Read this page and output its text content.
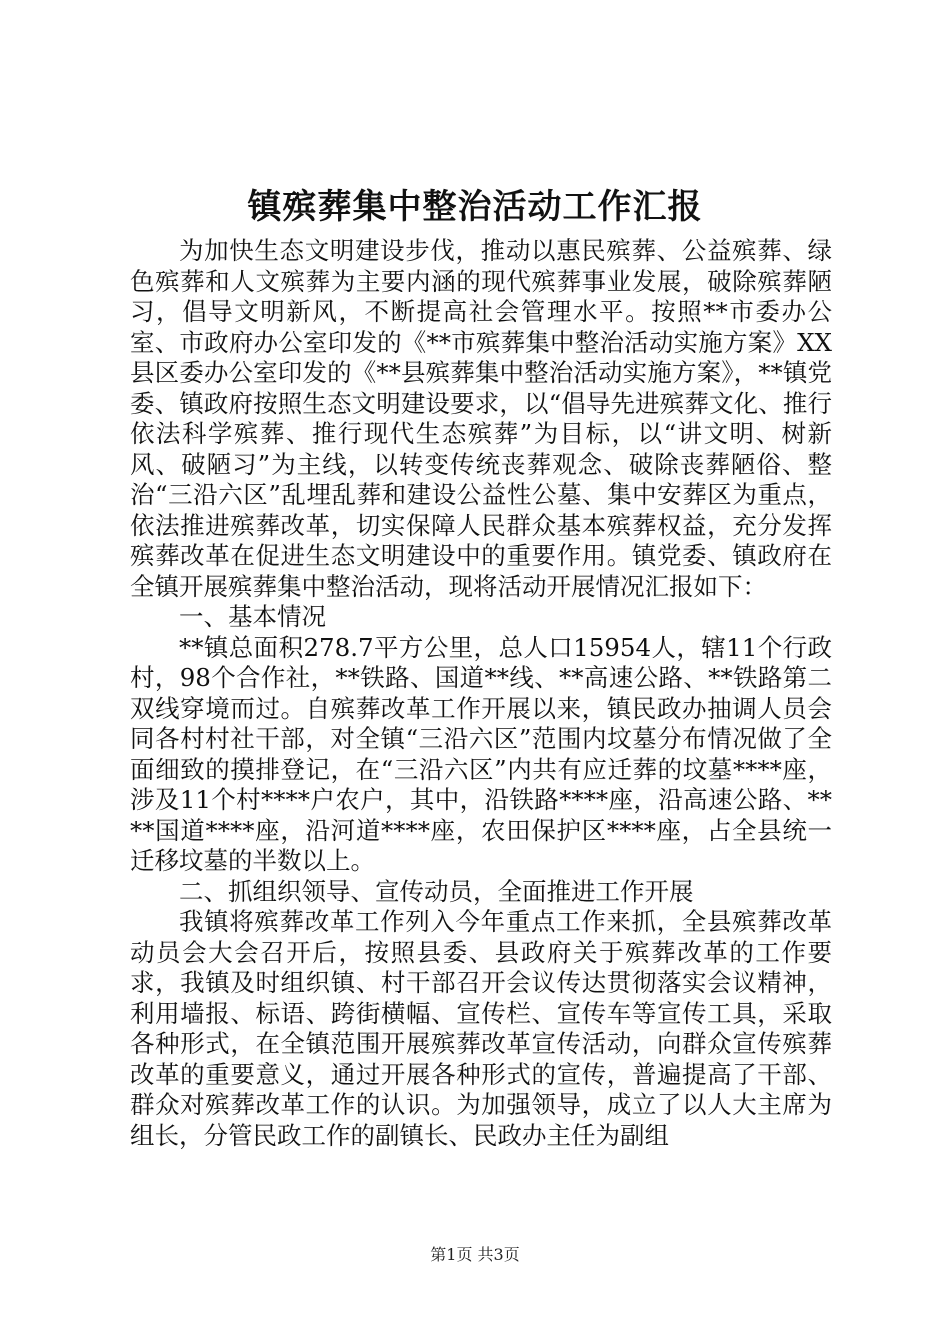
镇殡葬集中整治活动工作汇报

为加快生态文明建设步伐，推动以惠民殡葬、公益殡葬、绿色殡葬和人文殡葬为主要内涵的现代殡葬事业发展，破除殡葬陋习，倡导文明新风，不断提高社会管理水平。按照**市委办公室、市政府办公室印发的《**市殡葬集中整治活动实施方案》XX县区委办公室印发的《**县殡葬集中整治活动实施方案》，**镇党委、镇政府按照生态文明建设要求，以“倡导先进殡葬文化、推行依法科学殡葬、推行现代生态殡葬”为目标，以“讲文明、树新风、破陋习”为主线，以转变传统丧葬观念、破除丧葬陋俗、整治“三沿六区”乱埋乱葬和建设公益性公墓、集中安葬区为重点，依法推进殡葬改革，切实保障人民群众基本殡葬权益，充分发挥殡葬改革在促进生态文明建设中的重要作用。镇党委、镇政府在全镇开展殡葬集中整治活动，现将活动开展情况汇报如下：

一、基本情况

**镇总面积278.7平方公里，总人口15954人，辖11个行政村，98个合作社，**铁路、国道**线、**高速公路、**铁路第二双线穿境而过。自殡葬改革工作开展以来，镇民政办抽调人员会同各村村社干部，对全镇“三沿六区”范围内坟墓分布情况做了全面细致的摸排登记，在“三沿六区”内共有应迁葬的坟墓****座，涉及11个村****户农户，其中，沿铁路****座，沿高速公路、****国道****座，沿河道****座，农田保护区****座，占全县统一迁移坟墓的半数以上。

二、抓组织领导、宣传动员，全面推进工作开展

我镇将殡葬改革工作列入今年重点工作来抓，全县殡葬改革动员会大会召开后，按照县委、县政府关于殡葬改革的工作要求，我镇及时组织镇、村干部召开会议传达贯彻落实会议精神，利用墙报、标语、跨街横幅、宣传栏、宣传车等宣传工具，采取各种形式，在全镇范围开展殡葬改革宣传活动，向群众宣传殡葬改革的重要意义，通过开展各种形式的宣传，普遍提高了干部、群众对殡葬改革工作的认识。为加强领导，成立了以人大主席为组长，分管民政工作的副镇长、民政办主任为副组

第1页 共3页
